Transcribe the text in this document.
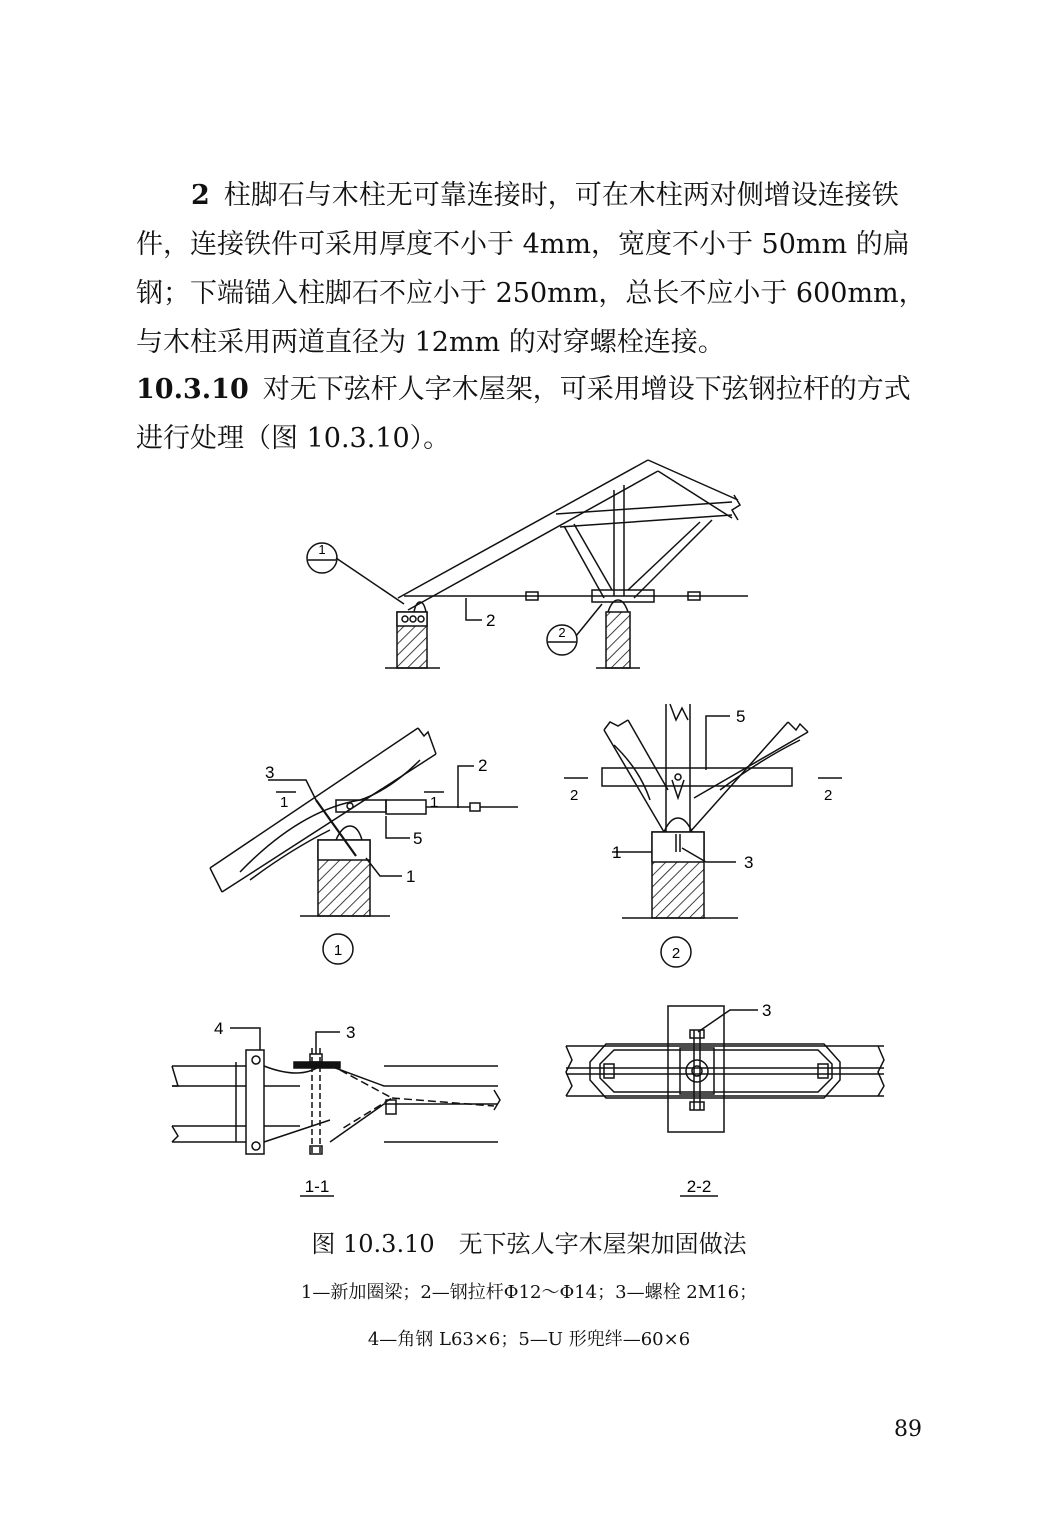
2 柱脚石与木柱无可靠连接时，可在木柱两对侧增设连接铁件，连接铁件可采用厚度不小于 4mm，宽度不小于 50mm 的扁钢；下端锚入柱脚石不应小于 250mm，总长不应小于 600mm，与木柱采用两道直径为 12mm 的对穿螺栓连接。

10.3.10 对无下弦杆人字木屋架，可采用增设下弦钢拉杆的方式进行处理（图 10.3.10）。

1
2
2
3
1	1
2
5
1
1
5
2	2
1
3
2
4	3
1-1
3
2-2

图 10.3.10　无下弦人字木屋架加固做法

1—新加圈梁；2—钢拉杆Φ12～Φ14；3—螺栓 2M16；

4—角钢 L63×6；5—U 形兜绊—60×6

89
